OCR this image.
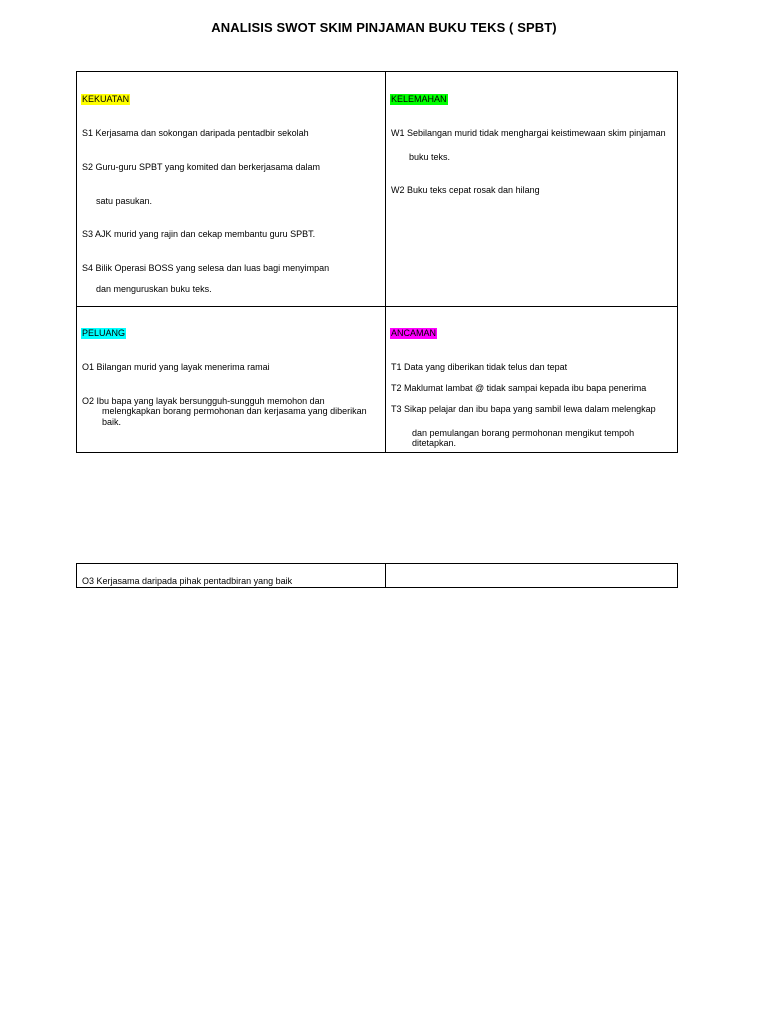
ANALISIS SWOT SKIM PINJAMAN BUKU TEKS ( SPBT)
KEKUATAN
S1 Kerjasama dan sokongan daripada pentadbir sekolah
S2 Guru-guru SPBT yang komited dan berkerjasama dalam
satu pasukan.
S3 AJK murid yang rajin dan cekap membantu guru SPBT.
S4 Bilik Operasi BOSS yang selesa dan luas bagi menyimpan
dan menguruskan buku teks.
KELEMAHAN
W1 Sebilangan murid tidak menghargai keistimewaan skim pinjaman
buku teks.
W2 Buku teks cepat rosak dan hilang
PELUANG
O1 Bilangan murid yang layak menerima ramai
O2 Ibu bapa yang layak bersungguh-sungguh memohon dan
melengkapkan borang permohonan dan kerjasama yang diberikan
baik.
ANCAMAN
T1 Data yang diberikan tidak telus dan tepat
T2 Maklumat lambat @ tidak sampai kepada ibu bapa penerima
T3 Sikap pelajar dan ibu bapa yang sambil lewa dalam melengkap
dan pemulangan borang permohonan mengikut tempoh
ditetapkan.
O3 Kerjasama daripada pihak pentadbiran yang baik
